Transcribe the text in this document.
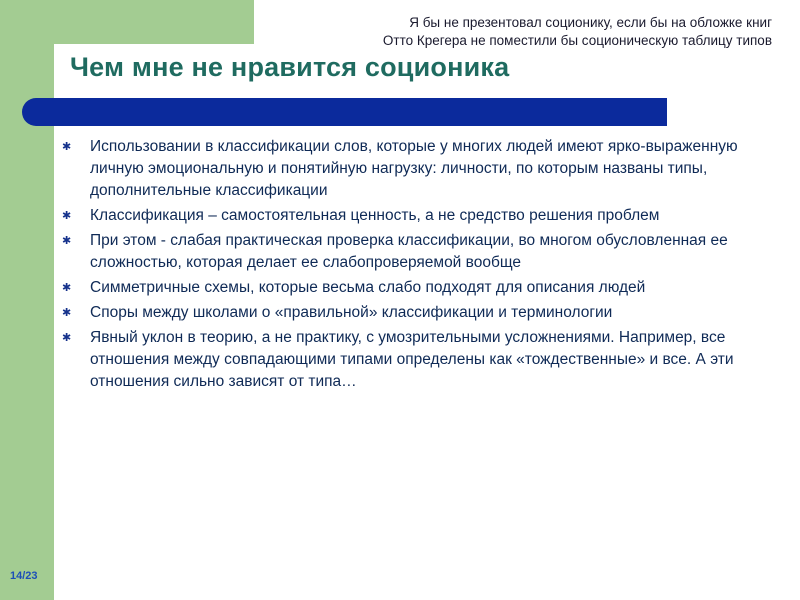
Я бы не презентовал соционику, если бы на обложке книг
Отто Крегера не поместили бы соционическую таблицу типов
Чем мне не нравится соционика
✱	Использовании в классификации слов, которые у многих людей имеют ярко-выраженную личную эмоциональную и понятийную нагрузку: личности, по которым названы типы, дополнительные классификации
✱	Классификация – самостоятельная ценность, а не средство решения проблем
✱	При этом - слабая практическая проверка классификации, во многом обусловленная ее сложностью, которая делает ее слабопроверяемой вообще
✱	Симметричные схемы, которые весьма слабо подходят для описания людей
✱	Споры между школами о «правильной» классификации и терминологии
✱	Явный уклон в теорию, а не практику, с умозрительными усложнениями. Например, все отношения между совпадающими типами определены как «тождественные» и все. А эти отношения сильно зависят от типа…
14/23
